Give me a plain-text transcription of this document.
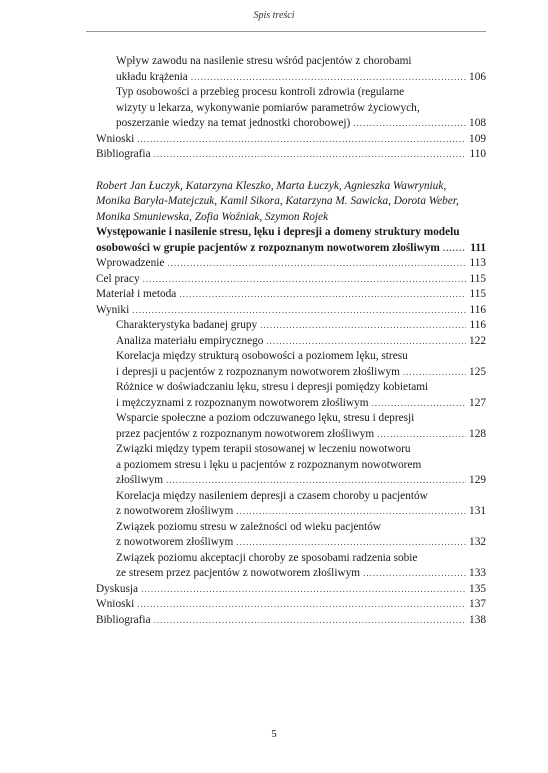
Spis treści
Wpływ zawodu na nasilenie stresu wśród pacjentów z chorobami
układu krążenia .....	106
Typ osobowości a przebieg procesu kontroli zdrowia (regularne
wizyty u lekarza, wykonywanie pomiarów parametrów życiowych,
poszerzanie wiedzy na temat jednostki chorobowej) .....	108
Wnioski .....	109
Bibliografia .....	110
Robert Jan Łuczyk, Katarzyna Kleszko, Marta Łuczyk, Agnieszka Wawryniuk,
Monika Baryła-Matejczuk, Kamil Sikora, Katarzyna M. Sawicka, Dorota Weber,
Monika Smuniewska, Zofia Woźniak, Szymon Rojek
Występowanie i nasilenie stresu, lęku i depresji a domeny struktury modelu
osobowości w grupie pacjentów z rozpoznanym nowotworem złośliwym .....	111
Wprowadzenie .....	113
Cel pracy .....	115
Materiał i metoda .....	115
Wyniki .....	116
Charakterystyka badanej grupy .....	116
Analiza materiału empirycznego .....	122
Korelacja między strukturą osobowości a poziomem lęku, stresu
i depresji u pacjentów z rozpoznanym nowotworem złośliwym .....	125
Różnice w doświadczaniu lęku, stresu i depresji pomiędzy kobietami
i mężczyznami z rozpoznanym nowotworem złośliwym .....	127
Wsparcie społeczne a poziom odczuwanego lęku, stresu i depresji
przez pacjentów z rozpoznanym nowotworem złośliwym .....	128
Związki między typem terapii stosowanej w leczeniu nowotworu
a poziomem stresu i lęku u pacjentów z rozpoznanym nowotworem
złośliwym .....	129
Korelacja między nasileniem depresji a czasem choroby u pacjentów
z nowotworem złośliwym .....	131
Związek poziomu stresu w zależności od wieku pacjentów
z nowotworem złośliwym .....	132
Związek poziomu akceptacji choroby ze sposobami radzenia sobie
ze stresem przez pacjentów z nowotworem złośliwym .....	133
Dyskusja .....	135
Wnioski .....	137
Bibliografia .....	138
5
